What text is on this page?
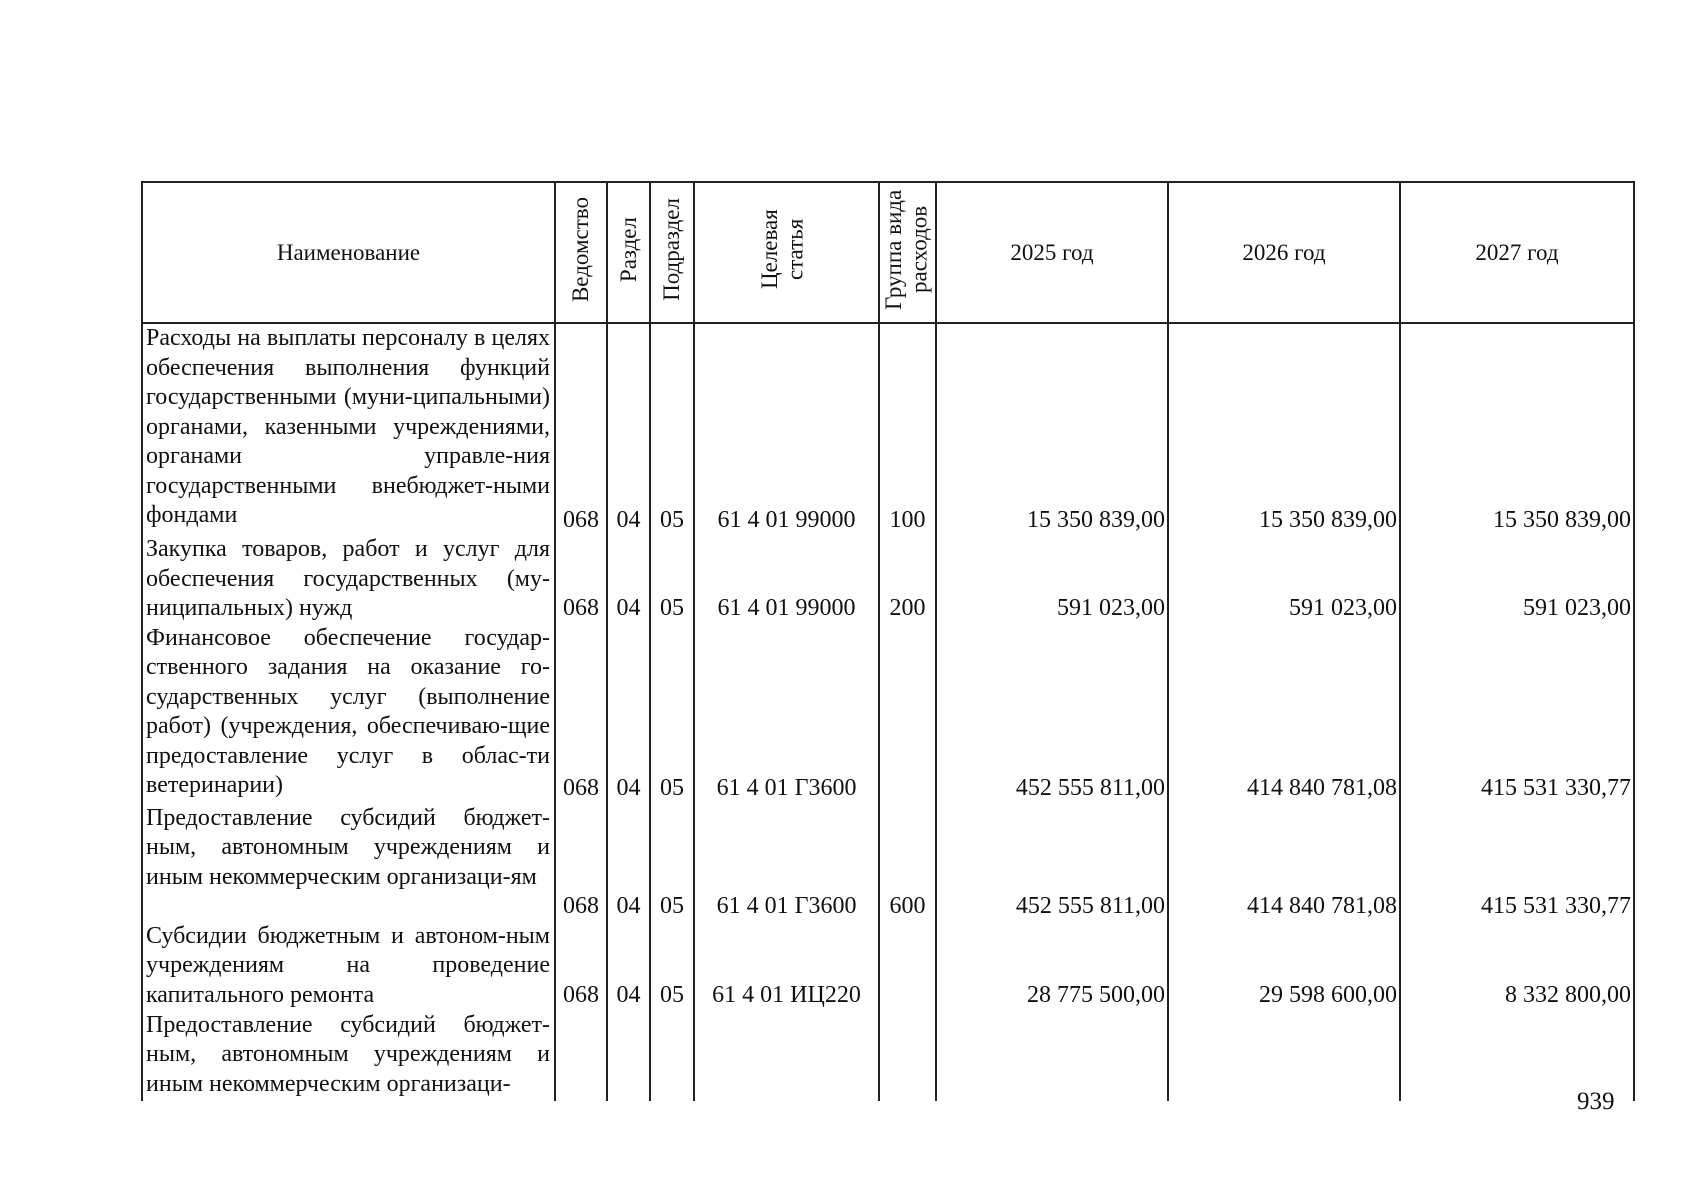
Наименование	Ведомство	Раздел	Подраздел	Целевая статья	Группа вида расходов	2025 год	2026 год	2027 год
Расходы на выплаты персоналу в целях обеспечения выполнения функций государственными (муни-ципальными) органами, казенными учреждениями, органами управле-ния государственными внебюджет-ными фондами	068	04	05	61 4 01 99000	100	15 350 839,00	15 350 839,00	15 350 839,00
Закупка товаров, работ и услуг для обеспечения государственных (му-ниципальных) нужд	068	04	05	61 4 01 99000	200	591 023,00	591 023,00	591 023,00
Финансовое обеспечение государ-ственного задания на оказание го-сударственных услуг (выполнение работ) (учреждения, обеспечиваю-щие предоставление услуг в облас-ти ветеринарии)	068	04	05	61 4 01 Г3600		452 555 811,00	414 840 781,08	415 531 330,77
Предоставление субсидий бюджет-ным, автономным учреждениям и иным некоммерческим организаци-ям	068	04	05	61 4 01 Г3600	600	452 555 811,00	414 840 781,08	415 531 330,77
Субсидии бюджетным и автоном-ным учреждениям на проведение капитального ремонта	068	04	05	61 4 01 ИЦ220		28 775 500,00	29 598 600,00	8 332 800,00
Предоставление субсидий бюджет-ным, автономным учреждениям и иным некоммерческим организаци-								
939
